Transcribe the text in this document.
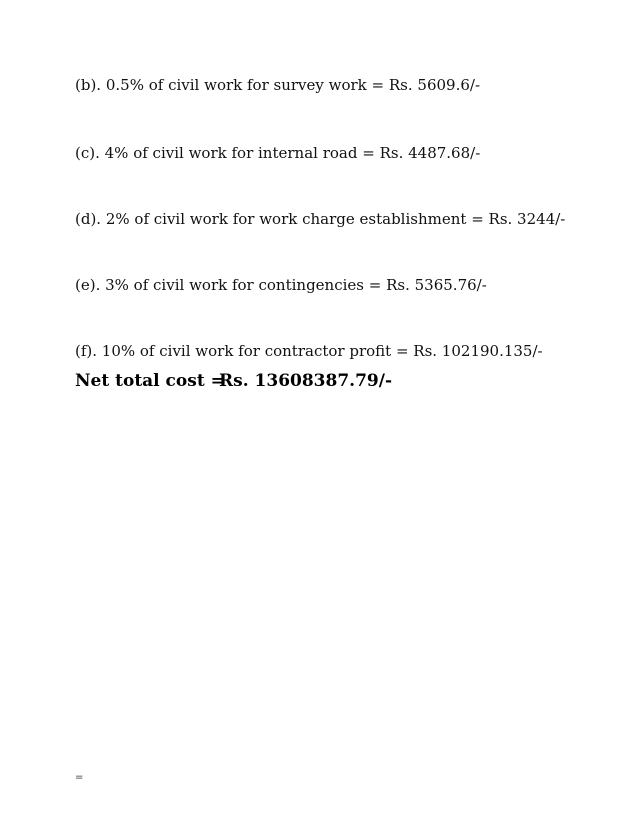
(b). 0.5% of civil work for survey work = Rs. 5609.6/-
(c). 4% of civil work for internal road = Rs. 4487.68/-
(d). 2% of civil work for work charge establishment = Rs. 3244/-
(e). 3% of civil work for contingencies = Rs. 5365.76/-
(f). 10% of civil work for contractor profit = Rs. 102190.135/-
Net total cost =Rs. 13608387.79/-
=
